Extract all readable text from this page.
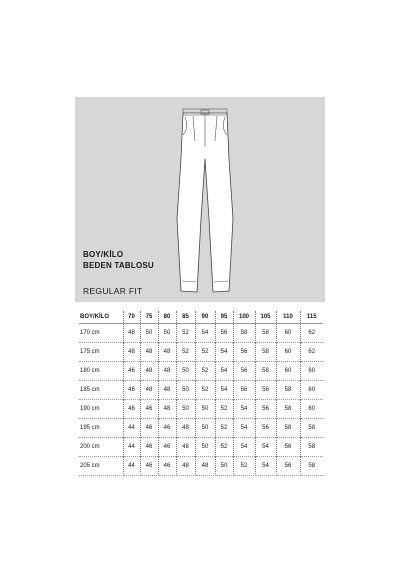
BOY/KİLO
BEDEN TABLOSU
REGULAR FIT
BOY/KİLO	70	75	80	85	90	95	100	105	110	115
170 cm	48	50	50	52	54	56	58	58	60	62
175 cm	48	48	48	52	52	54	56	58	60	62
180 cm	46	48	48	50	52	54	56	58	60	60
185 cm	46	48	48	50	52	54	56	56	58	60
190 cm	46	46	48	50	50	52	54	56	58	60
195 cm	44	46	46	48	50	52	54	56	58	58
200 cm	44	46	46	48	50	52	54	54	56	58
205 cm	44	46	46	48	48	50	52	54	56	58
